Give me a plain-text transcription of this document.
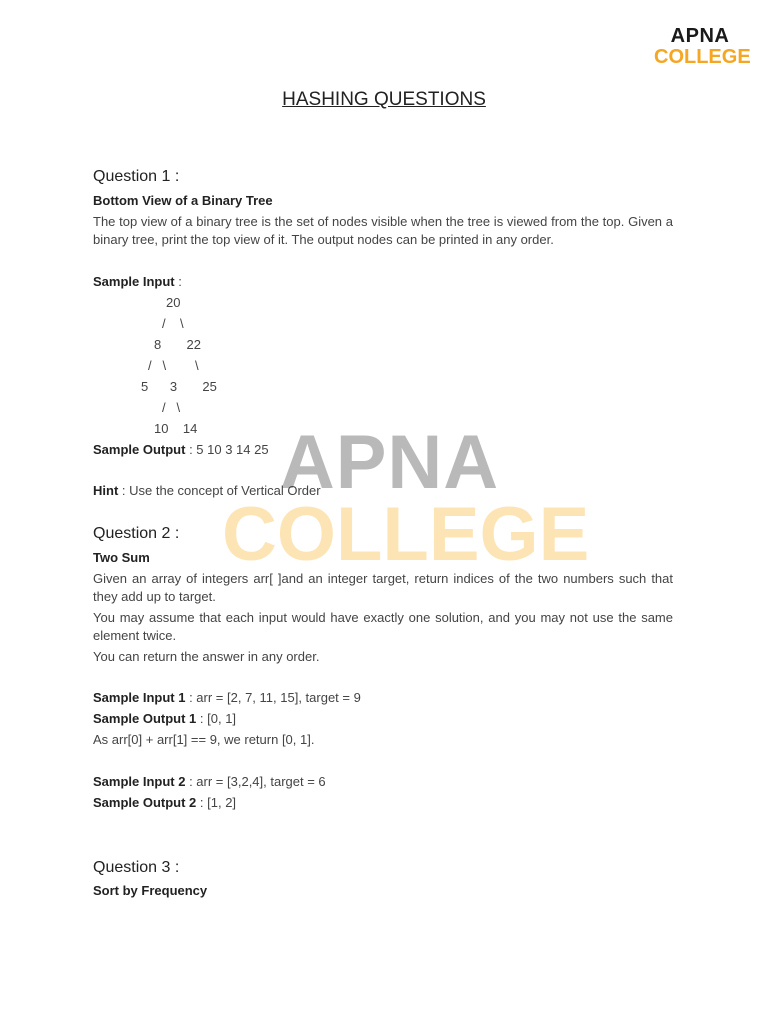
APNA
COLLEGE
APNA
COLLEGE
HASHING QUESTIONS
Question 1 :
Bottom View of a Binary Tree
The top view of a binary tree is the set of nodes visible when the tree is viewed from the top. Given a binary tree, print the top view of it. The output nodes can be printed in any order.
Sample Input :
20
/    \
8       22
/   \        \
5      3       25
/   \
10    14
Sample Output : 5 10 3 14 25
Hint : Use the concept of Vertical Order
Question 2 :
Two Sum
Given an array of integers arr[ ]and an integer target, return indices of the two numbers such that they add up to target.
You may assume that each input would have exactly one solution, and you may not use the same element twice.
You can return the answer in any order.
Sample Input 1 : arr = [2, 7, 11, 15], target = 9
Sample Output 1 : [0, 1]
As arr[0] + arr[1] == 9, we return [0, 1].
Sample Input 2 : arr = [3,2,4], target = 6
Sample Output 2 : [1, 2]
Question 3 :
Sort by Frequency
